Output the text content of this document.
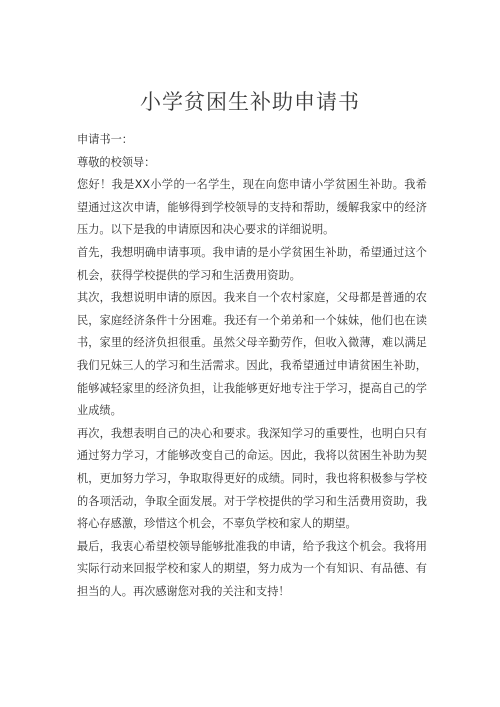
小学贫困生补助申请书

申请书一：

尊敬的校领导：

您好！我是XX小学的一名学生，现在向您申请小学贫困生补助。我希望通过这次申请，能够得到学校领导的支持和帮助，缓解我家中的经济压力。以下是我的申请原因和决心要求的详细说明。

首先，我想明确申请事项。我申请的是小学贫困生补助，希望通过这个机会，获得学校提供的学习和生活费用资助。

其次，我想说明申请的原因。我来自一个农村家庭，父母都是普通的农民，家庭经济条件十分困难。我还有一个弟弟和一个妹妹，他们也在读书，家里的经济负担很重。虽然父母辛勤劳作，但收入微薄，难以满足我们兄妹三人的学习和生活需求。因此，我希望通过申请贫困生补助，能够减轻家里的经济负担，让我能够更好地专注于学习，提高自己的学业成绩。

再次，我想表明自己的决心和要求。我深知学习的重要性，也明白只有通过努力学习，才能够改变自己的命运。因此，我将以贫困生补助为契机，更加努力学习，争取取得更好的成绩。同时，我也将积极参与学校的各项活动，争取全面发展。对于学校提供的学习和生活费用资助，我将心存感激，珍惜这个机会，不辜负学校和家人的期望。

最后，我衷心希望校领导能够批准我的申请，给予我这个机会。我将用实际行动来回报学校和家人的期望，努力成为一个有知识、有品德、有担当的人。再次感谢您对我的关注和支持！
